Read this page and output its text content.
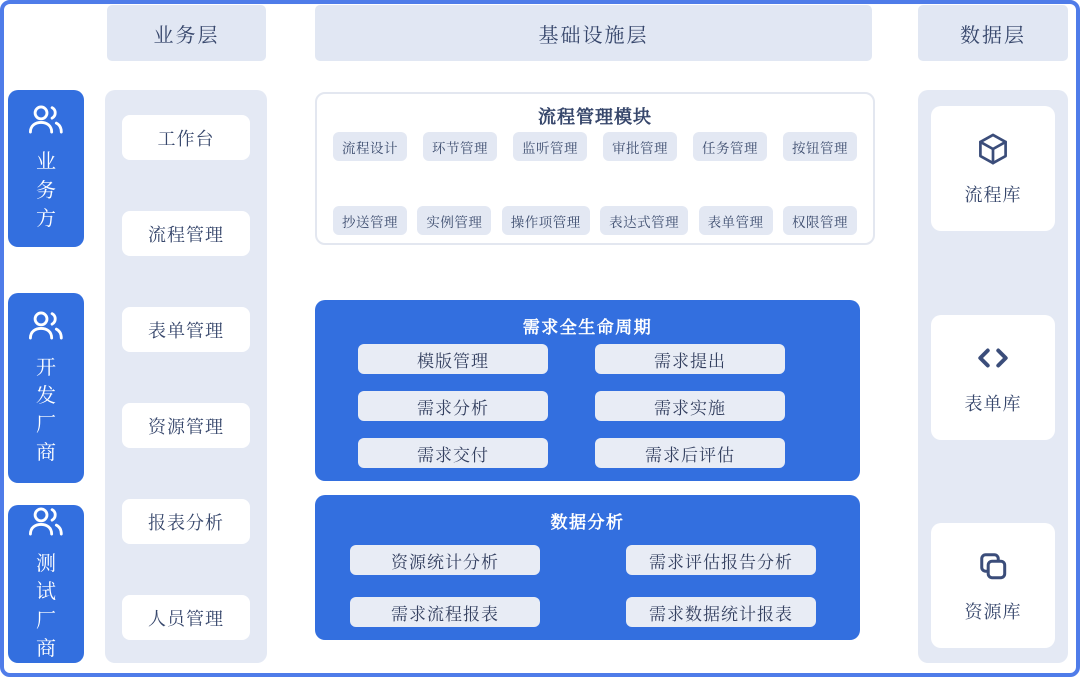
业务层	基础设施层	数据层
业务方
开发厂商
测试厂商
工作台
流程管理
表单管理
资源管理
报表分析
人员管理
流程管理模块
流程设计	环节管理	监听管理	审批管理	任务管理	按钮管理
抄送管理	实例管理	操作项管理	表达式管理	表单管理	权限管理
需求全生命周期
模版管理	需求提出
需求分析	需求实施
需求交付	需求后评估
数据分析
资源统计分析	需求评估报告分析
需求流程报表	需求数据统计报表
流程库
表单库
资源库
